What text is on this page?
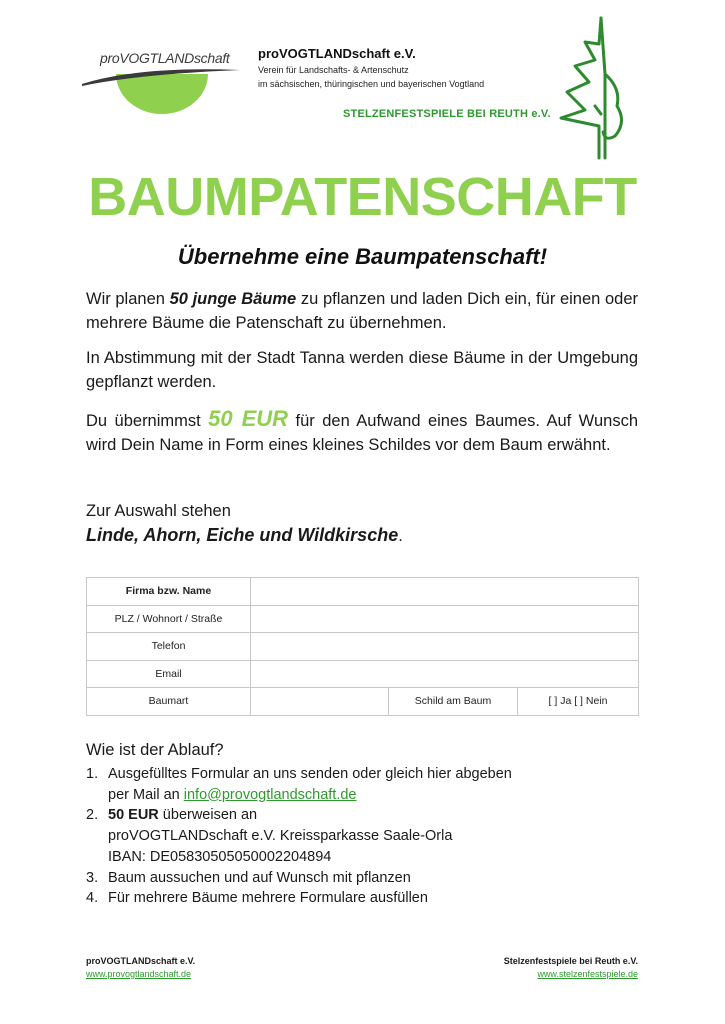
proVOGTLANDschaft proVOGTLANDschaft e.V.
Verein für Landschafts- & Artenschutz
im sächsischen, thüringischen und bayerischen Vogtland
STELZENFESTSPIELE BEI REUTH e.V.
BAUMPATENSCHAFT
Übernehme eine Baumpatenschaft!
Wir planen 50 junge Bäume zu pflanzen und laden Dich ein, für einen oder mehrere Bäume die Patenschaft zu übernehmen.
In Abstimmung mit der Stadt Tanna werden diese Bäume in der Umgebung gepflanzt werden.
Du übernimmst 50 EUR für den Aufwand eines Baumes. Auf Wunsch wird Dein Name in Form eines kleines Schildes vor dem Baum erwähnt.
Zur Auswahl stehen
Linde, Ahorn, Eiche und Wildkirsche.
Firma bzw. Name			
PLZ / Wohnort / Straße			
Telefon			
Email			
Baumart		Schild am Baum	[ ] Ja [ ] Nein
Wie ist der Ablauf?
1. Ausgefülltes Formular an uns senden oder gleich hier abgeben
per Mail an info@provogtlandschaft.de
2. 50 EUR überweisen an
proVOGTLANDschaft e.V. Kreissparkasse Saale-Orla
IBAN: DE05830505050002204894
3. Baum aussuchen und auf Wunsch mit pflanzen
4. Für mehrere Bäume mehrere Formulare ausfüllen
proVOGTLANDschaft e.V.
www.provogtlandschaft.de
Stelzenfestspiele bei Reuth e.V.
www.stelzenfestspiele.de
